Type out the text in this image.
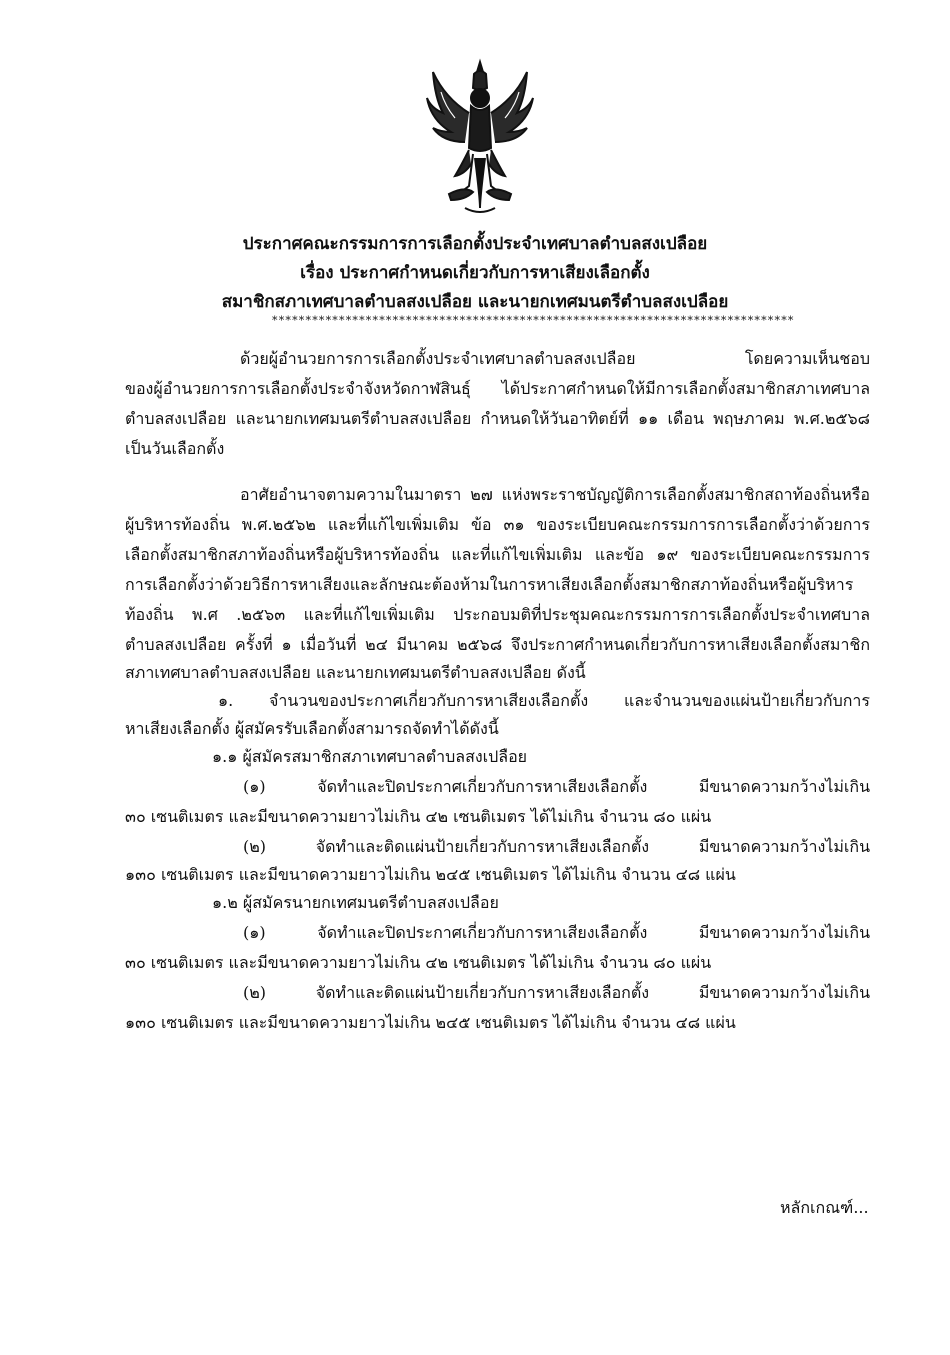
ประกาศคณะกรรมการการเลือกตั้งประจำเทศบาลตำบลสงเปลือย
เรื่อง ประกาศกำหนดเกี่ยวกับการหาเสียงเลือกตั้ง
สมาชิกสภาเทศบาลตำบลสงเปลือย และนายกเทศมนตรีตำบลสงเปลือย
******************************************************************************
ด้วยผู้อำนวยการการเลือกตั้งประจำเทศบาลตำบลสงเปลือย โดยความเห็นชอบ
ของผู้อำนวยการการเลือกตั้งประจำจังหวัดกาฬสินธุ์ ได้ประกาศกำหนดให้มีการเลือกตั้งสมาชิกสภาเทศบาล
ตำบลสงเปลือย และนายกเทศมนตรีตำบลสงเปลือย กำหนดให้วันอาทิตย์ที่ ๑๑ เดือน พฤษภาคม พ.ศ.๒๕๖๘
เป็นวันเลือกตั้ง
อาศัยอำนาจตามความในมาตรา ๒๗ แห่งพระราชบัญญัติการเลือกตั้งสมาชิกสถาท้องถิ่นหรือ
ผู้บริหารท้องถิ่น พ.ศ.๒๕๖๒ และที่แก้ไขเพิ่มเติม ข้อ ๓๑ ของระเบียบคณะกรรมการการเลือกตั้งว่าด้วยการ
เลือกตั้งสมาชิกสภาท้องถิ่นหรือผู้บริหารท้องถิ่น และที่แก้ไขเพิ่มเติม และข้อ ๑๙ ของระเบียบคณะกรรมการ
การเลือกตั้งว่าด้วยวิธีการหาเสียงและลักษณะต้องห้ามในการหาเสียงเลือกตั้งสมาชิกสภาท้องถิ่นหรือผู้บริหาร
ท้องถิ่น พ.ศ .๒๕๖๓ และที่แก้ไขเพิ่มเติม ประกอบมติที่ประชุมคณะกรรมการการเลือกตั้งประจำเทศบาล
ตำบลสงเปลือย ครั้งที่ ๑ เมื่อวันที่ ๒๔ มีนาคม ๒๕๖๘ จึงประกาศกำหนดเกี่ยวกับการหาเสียงเลือกตั้งสมาชิก
สภาเทศบาลตำบลสงเปลือย และนายกเทศมนตรีตำบลสงเปลือย ดังนี้
๑. จำนวนของประกาศเกี่ยวกับการหาเสียงเลือกตั้ง และจำนวนของแผ่นป้ายเกี่ยวกับการ
หาเสียงเลือกตั้ง ผู้สมัครรับเลือกตั้งสามารถจัดทำได้ดังนี้
๑.๑ ผู้สมัครสมาชิกสภาเทศบาลตำบลสงเปลือย
(๑) จัดทำและปิดประกาศเกี่ยวกับการหาเสียงเลือกตั้ง มีขนาดความกว้างไม่เกิน
๓๐ เซนติเมตร และมีขนาดความยาวไม่เกิน ๔๒ เซนติเมตร ได้ไม่เกิน จำนวน ๘๐ แผ่น
(๒) จัดทำและติดแผ่นป้ายเกี่ยวกับการหาเสียงเลือกตั้ง มีขนาดความกว้างไม่เกิน
๑๓๐ เซนติเมตร และมีขนาดความยาวไม่เกิน ๒๔๕ เซนติเมตร ได้ไม่เกิน จำนวน ๔๘ แผ่น
๑.๒ ผู้สมัครนายกเทศมนตรีตำบลสงเปลือย
(๑) จัดทำและปิดประกาศเกี่ยวกับการหาเสียงเลือกตั้ง มีขนาดความกว้างไม่เกิน
๓๐ เซนติเมตร และมีขนาดความยาวไม่เกิน ๔๒ เซนติเมตร ได้ไม่เกิน จำนวน ๘๐ แผ่น
(๒) จัดทำและติดแผ่นป้ายเกี่ยวกับการหาเสียงเลือกตั้ง มีขนาดความกว้างไม่เกิน
๑๓๐ เซนติเมตร และมีขนาดความยาวไม่เกิน ๒๔๕ เซนติเมตร ได้ไม่เกิน จำนวน ๔๘ แผ่น
หลักเกณฑ์...
